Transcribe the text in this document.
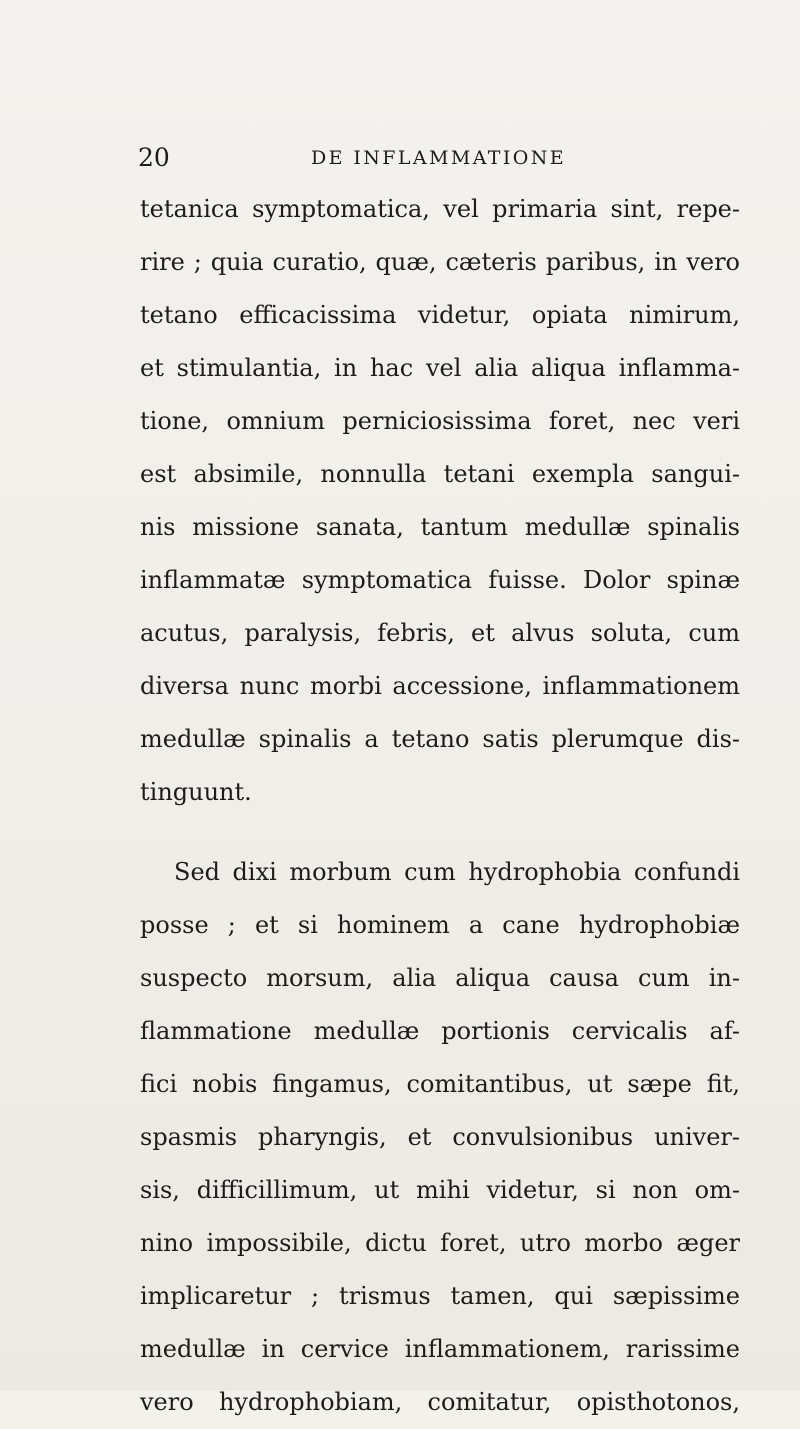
20	DE INFLAMMATIONE
tetanica symptomatica, vel primaria sint, repe-
rire ; quia curatio, quæ, cæteris paribus, in vero
tetano efficacissima videtur, opiata nimirum,
et stimulantia, in hac vel alia aliqua inflamma-
tione, omnium perniciosissima foret, nec veri
est absimile, nonnulla tetani exempla sangui-
nis missione sanata, tantum medullæ spinalis
inflammatæ symptomatica fuisse. Dolor spinæ
acutus, paralysis, febris, et alvus soluta, cum
diversa nunc morbi accessione, inflammationem
medullæ spinalis a tetano satis plerumque dis-
tinguunt.
Sed dixi morbum cum hydrophobia confundi
posse ; et si hominem a cane hydrophobiæ
suspecto morsum, alia aliqua causa cum in-
flammatione medullæ portionis cervicalis af-
fici nobis fingamus, comitantibus, ut sæpe fit,
spasmis pharyngis, et convulsionibus univer-
sis, difficillimum, ut mihi videtur, si non om-
nino impossibile, dictu foret, utro morbo æger
implicaretur ; trismus tamen, qui sæpissime
medullæ in cervice inflammationem, rarissime
vero hydrophobiam, comitatur, opisthotonos,
